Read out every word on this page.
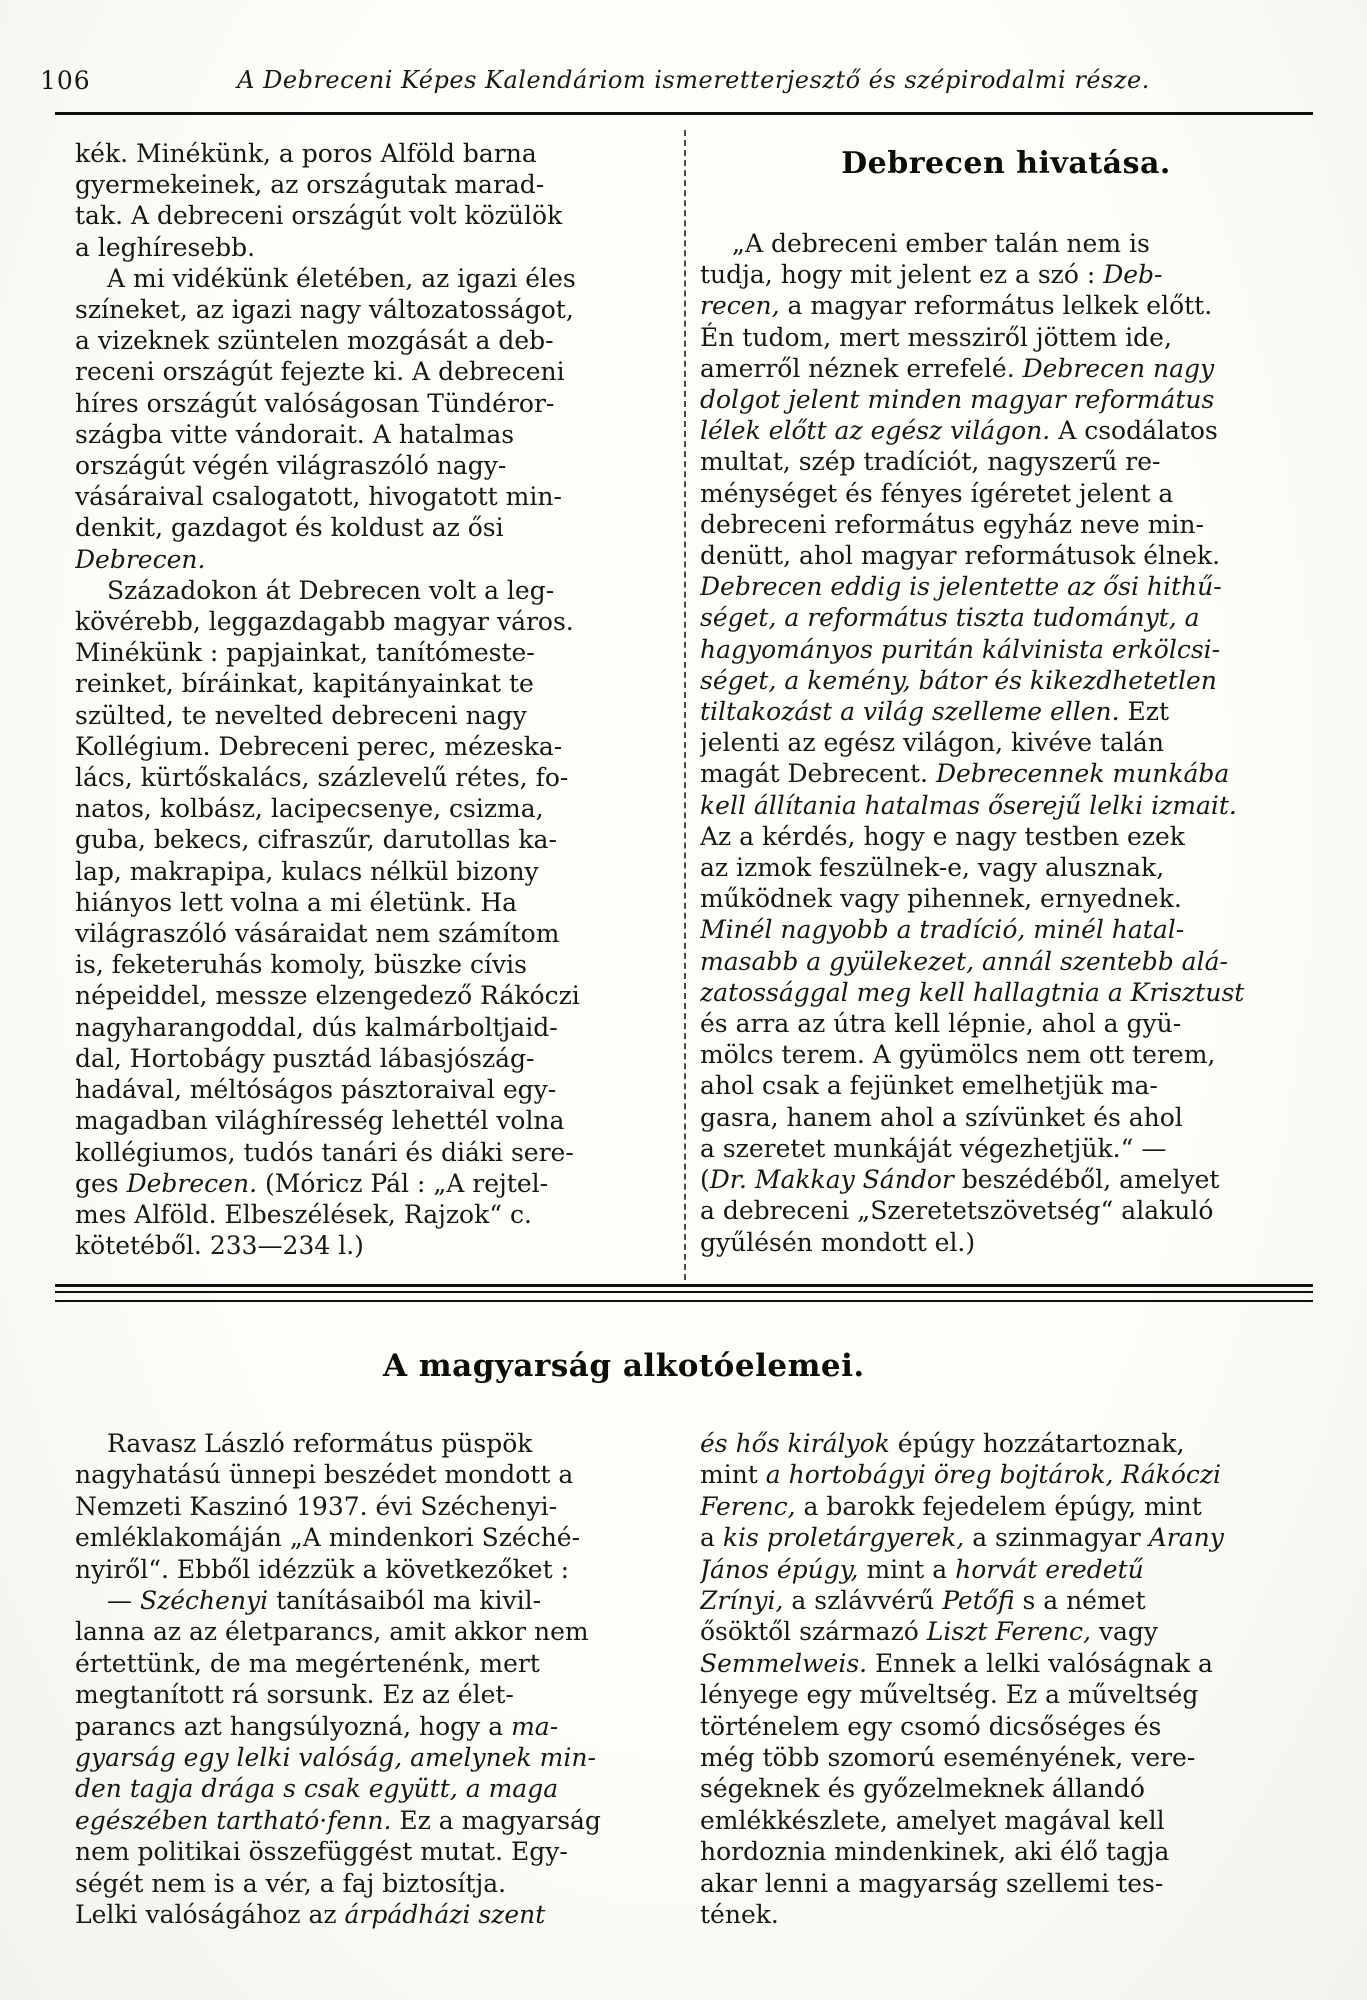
106	A Debreceni Képes Kalendáriom ismeretterjesztő és szépirodalmi része.
kék. Minékünk, a poros Alföld barna
gyermekeinek, az országutak marad-
tak. A debreceni országút volt közülök
a leghíresebb.
A mi vidékünk életében, az igazi éles
színeket, az igazi nagy változatosságot,
a vizeknek szüntelen mozgását a deb-
receni országút fejezte ki. A debreceni
híres országút valóságosan Tündéror-
szágba vitte vándorait. A hatalmas
országút végén világraszóló nagy-
vásáraival csalogatott, hivogatott min-
denkit, gazdagot és koldust az ősi
Debrecen.
Századokon át Debrecen volt a leg-
kövérebb, leggazdagabb magyar város.
Minékünk : papjainkat, tanítómeste-
reinket, bíráinkat, kapitányainkat te
szülted, te nevelted debreceni nagy
Kollégium. Debreceni perec, mézeska-
lács, kürtőskalács, százlevelű rétes, fo-
natos, kolbász, lacipecsenye, csizma,
guba, bekecs, cifraszűr, darutollas ka-
lap, makrapipa, kulacs nélkül bizony
hiányos lett volna a mi életünk. Ha
világraszóló vásáraidat nem számítom
is, feketeruhás komoly, büszke cívis
népeiddel, messze elzengedező Rákóczi
nagyharangoddal, dús kalmárboltjaid-
dal, Hortobágy pusztád lábasjószág-
hadával, méltóságos pásztoraival egy-
magadban világhíresség lehettél volna
kollégiumos, tudós tanári és diáki sere-
ges Debrecen. (Móricz Pál : „A rejtel-
mes Alföld. Elbeszélések, Rajzok“ c.
kötetéből. 233—234 l.)
Debrecen hivatása.
„A debreceni ember talán nem is
tudja, hogy mit jelent ez a szó : Deb-
recen, a magyar református lelkek előtt.
Én tudom, mert messziről jöttem ide,
amerről néznek errefelé. Debrecen nagy
dolgot jelent minden magyar református
lélek előtt az egész világon. A csodálatos
multat, szép tradíciót, nagyszerű re-
ménységet és fényes ígéretet jelent a
debreceni református egyház neve min-
denütt, ahol magyar reformátusok élnek.
Debrecen eddig is jelentette az ősi hithű-
séget, a református tiszta tudományt, a
hagyományos puritán kálvinista erkölcsi-
séget, a kemény, bátor és kikezdhetetlen
tiltakozást a világ szelleme ellen. Ezt
jelenti az egész világon, kivéve talán
magát Debrecent. Debrecennek munkába
kell állítania hatalmas őserejű lelki izmait.
Az a kérdés, hogy e nagy testben ezek
az izmok feszülnek-e, vagy alusznak,
működnek vagy pihennek, ernyednek.
Minél nagyobb a tradíció, minél hatal-
masabb a gyülekezet, annál szentebb alá-
zatossággal meg kell hallagtnia a Krisztust
és arra az útra kell lépnie, ahol a gyü-
mölcs terem. A gyümölcs nem ott terem,
ahol csak a fejünket emelhetjük ma-
gasra, hanem ahol a szívünket és ahol
a szeretet munkáját végezhetjük.“ —
(Dr. Makkay Sándor beszédéből, amelyet
a debreceni „Szeretetszövetség“ alakuló
gyűlésén mondott el.)
A magyarság alkotóelemei.
Ravasz László református püspök
nagyhatású ünnepi beszédet mondott a
Nemzeti Kaszinó 1937. évi Széchenyi-
emléklakomáján „A mindenkori Széché-
nyiről“. Ebből idézzük a következőket :
— Széchenyi tanításaiból ma kivil-
lanna az az életparancs, amit akkor nem
értettünk, de ma megértenénk, mert
megtanított rá sorsunk. Ez az élet-
parancs azt hangsúlyozná, hogy a ma-
gyarság egy lelki valóság, amelynek min-
den tagja drága s csak együtt, a maga
egészében tartható·fenn. Ez a magyarság
nem politikai összefüggést mutat. Egy-
ségét nem is a vér, a faj biztosítja.
Lelki valóságához az árpádházi szent
és hős királyok épúgy hozzátartoznak,
mint a hortobágyi öreg bojtárok, Rákóczi
Ferenc, a barokk fejedelem épúgy, mint
a kis proletárgyerek, a szinmagyar Arany
János épúgy, mint a horvát eredetű
Zrínyi, a szlávvérű Petőfi s a német
ősöktől származó Liszt Ferenc, vagy
Semmelweis. Ennek a lelki valóságnak a
lényege egy műveltség. Ez a műveltség
történelem egy csomó dicsőséges és
még több szomorú eseményének, vere-
ségeknek és győzelmeknek állandó
emlékkészlete, amelyet magával kell
hordoznia mindenkinek, aki élő tagja
akar lenni a magyarság szellemi tes-
tének.
